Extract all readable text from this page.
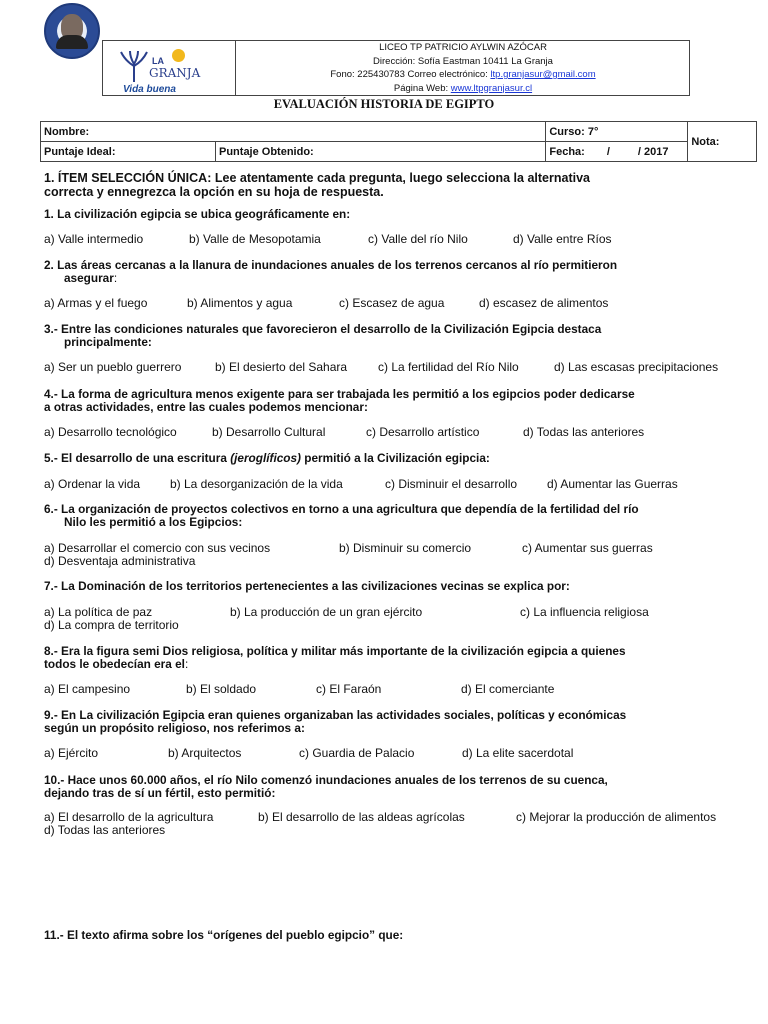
LA
GRANJA
Vida buena
LICEO TP PATRICIO AYLWIN AZÓCAR
Dirección: Sofía Eastman 10411 La Granja
Fono: 225430783 Correo electrónico: ltp.granjasur@gmail.com
Página Web: www.ltpgranjasur.cl
EVALUACIÓN HISTORIA DE EGIPTO
Nombre:		Curso: 7°	Nota:
Puntaje Ideal:	Puntaje Obtenido:	Fecha: / / 2017	
1. ÍTEM SELECCIÓN ÚNICA: Lee atentamente cada pregunta, luego selecciona la alternativa
correcta y ennegrezca la opción en su hoja de respuesta.
1. La civilización egipcia se ubica geográficamente en:
a) Valle intermedio	b) Valle de Mesopotamia	c) Valle del río Nilo	d) Valle entre Ríos
2. Las áreas cercanas a la llanura de inundaciones anuales de los terrenos cercanos al río permitieron
asegurar:
a) Armas y el fuego	b) Alimentos y agua	c) Escasez de agua	d) escasez de alimentos
3.- Entre las condiciones naturales que favorecieron el desarrollo de la Civilización Egipcia destaca
principalmente:
a) Ser un pueblo guerrero	b) El desierto del Sahara	c) La fertilidad del Río Nilo	d) Las escasas precipitaciones
4.- La forma de agricultura menos exigente para ser trabajada les permitió a los egipcios poder dedicarse
a otras actividades, entre las cuales podemos mencionar:
a) Desarrollo tecnológico	b) Desarrollo Cultural	c) Desarrollo artístico	d) Todas las anteriores
5.- El desarrollo de una escritura (jeroglíficos) permitió a la Civilización egipcia:
a) Ordenar la vida b) La desorganización de la vida	c) Disminuir el desarrollo d) Aumentar las Guerras
6.- La organización de proyectos colectivos en torno a una agricultura que dependía de la fertilidad del río
Nilo les permitió a los Egipcios:
a) Desarrollar el comercio con sus vecinos	b) Disminuir su comercio	c) Aumentar sus guerras
d) Desventaja administrativa
7.- La Dominación de los territorios pertenecientes a las civilizaciones vecinas se explica por:
a) La política de paz	b) La producción de un gran ejército	c) La influencia religiosa
d) La compra de territorio
8.- Era la figura semi Dios religiosa, política y militar más importante de la civilización egipcia a quienes
todos le obedecían era el:
a) El campesino	b) El soldado	c) El Faraón	d) El comerciante
9.- En La civilización Egipcia eran quienes organizaban las actividades sociales, políticas y económicas
según un propósito religioso, nos referimos a:
a) Ejército	b) Arquitectos	c) Guardia de Palacio	d) La elite sacerdotal
10.- Hace unos 60.000 años, el río Nilo comenzó inundaciones anuales de los terrenos de su cuenca,
dejando tras de sí un fértil, esto permitió:
a) El desarrollo de la agricultura	b) El desarrollo de las aldeas agrícolas	c) Mejorar la producción de alimentos
d) Todas las anteriores
11.- El texto afirma sobre los “orígenes del pueblo egipcio” que:
